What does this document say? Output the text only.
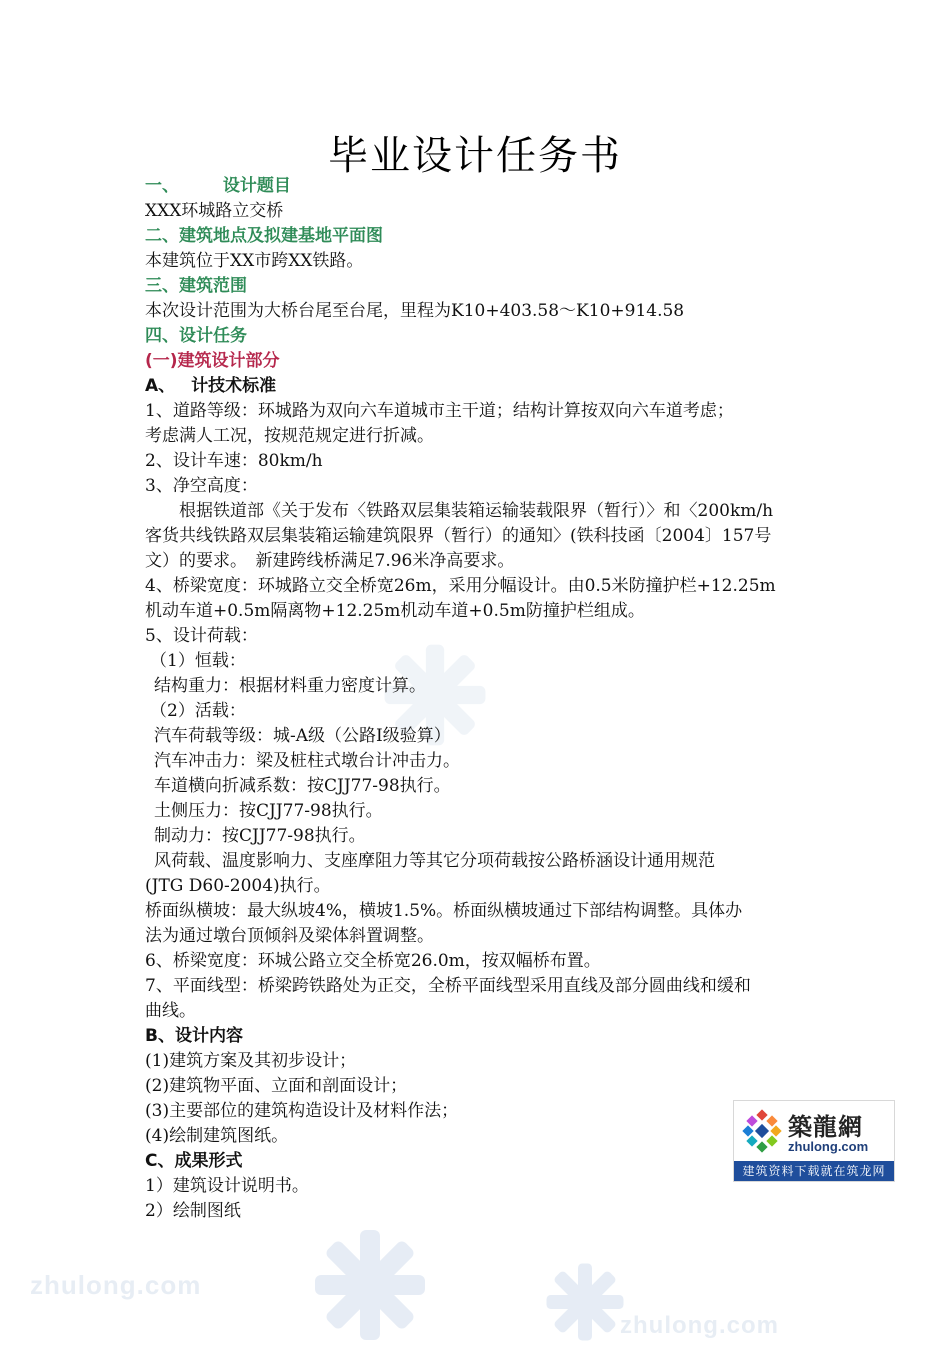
zhulong.com
zhulong.com
毕业设计任务书
一、 设计题目
XXX环城路立交桥
二、建筑地点及拟建基地平面图
本建筑位于XX市跨XX铁路。
三、建筑范围
本次设计范围为大桥台尾至台尾，里程为K10+403.58～K10+914.58
四、设计任务
(一)建筑设计部分
A、 计技术标准
1、道路等级：环城路为双向六车道城市主干道；结构计算按双向六车道考虑；
考虑满人工况，按规范规定进行折减。
2、设计车速：80km/h
3、净空高度：
　　根据铁道部《关于发布〈铁路双层集装箱运输装载限界（暂行）〉和〈200km/h
客货共线铁路双层集装箱运输建筑限界（暂行）的通知〉(铁科技函〔2004〕157号
文）的要求。　新建跨线桥满足7.96米净高要求。
4、桥梁宽度：环城路立交全桥宽26m，采用分幅设计。由0.5米防撞护栏+12.25m
机动车道+0.5m隔离物+12.25m机动车道+0.5m防撞护栏组成。
5、设计荷载：
（1）恒载：
结构重力：根据材料重力密度计算。
（2）活载：
汽车荷载等级：城-A级（公路Ⅰ级验算）
汽车冲击力：梁及桩柱式墩台计冲击力。
车道横向折减系数：按CJJ77-98执行。
土侧压力：按CJJ77-98执行。
制动力：按CJJ77-98执行。
风荷载、温度影响力、支座摩阻力等其它分项荷载按公路桥涵设计通用规范
(JTG D60-2004)执行。
桥面纵横坡：最大纵坡4%，横坡1.5%。桥面纵横坡通过下部结构调整。具体办
法为通过墩台顶倾斜及梁体斜置调整。
6、桥梁宽度：环城公路立交全桥宽26.0m，按双幅桥布置。
7、平面线型：桥梁跨铁路处为正交，全桥平面线型采用直线及部分圆曲线和缓和
曲线。
B、设计内容
(1)建筑方案及其初步设计；
(2)建筑物平面、立面和剖面设计；
(3)主要部位的建筑构造设计及材料作法；
(4)绘制建筑图纸。
C、成果形式
1）建筑设计说明书。
2）绘制图纸
築龍網
zhulong.com
建筑资料下载就在筑龙网
